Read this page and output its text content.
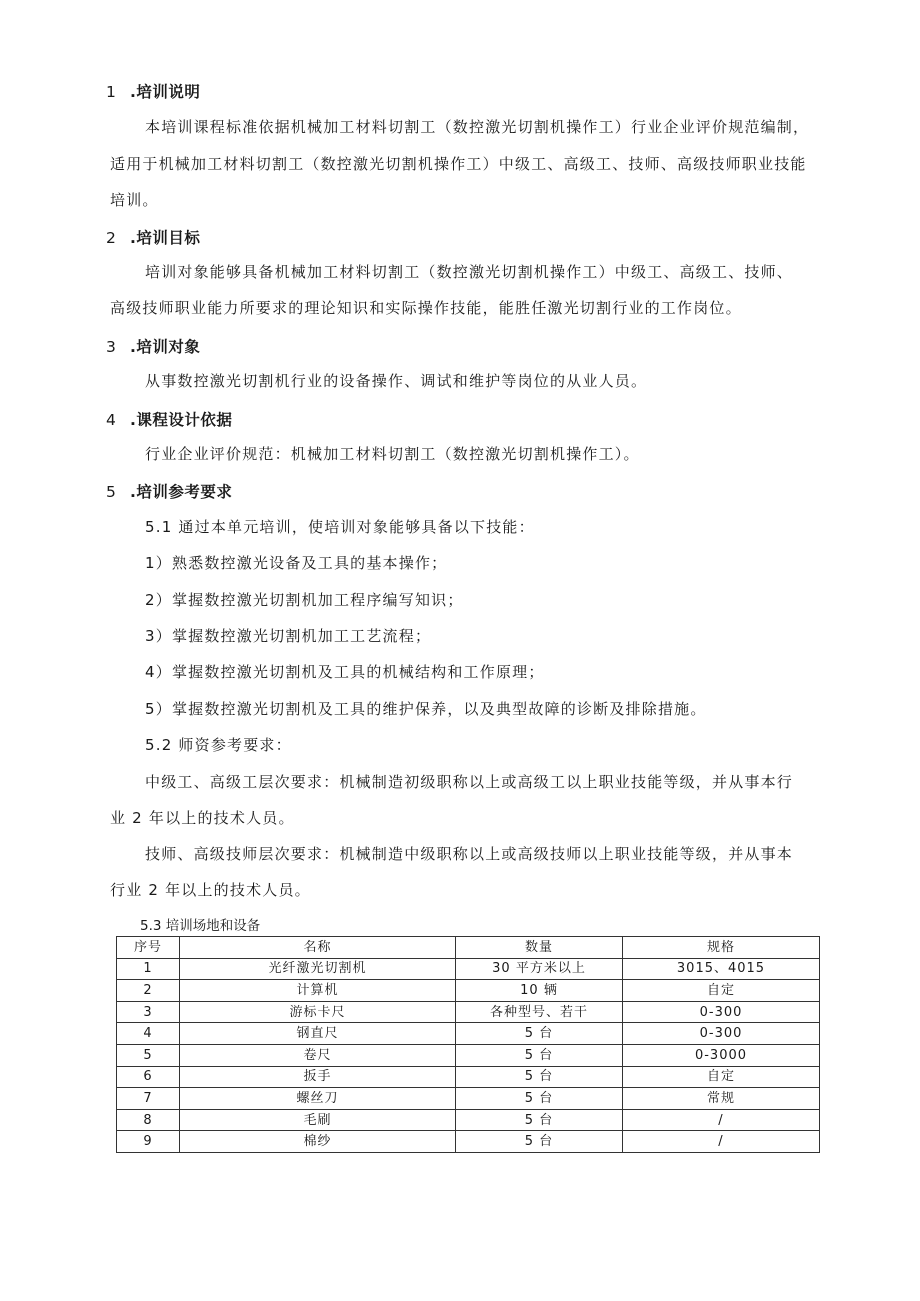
1 .培训说明
本培训课程标准依据机械加工材料切割工（数控激光切割机操作工）行业企业评价规范编制，
适用于机械加工材料切割工（数控激光切割机操作工）中级工、高级工、技师、高级技师职业技能
培训。
2 .培训目标
培训对象能够具备机械加工材料切割工（数控激光切割机操作工）中级工、高级工、技师、
高级技师职业能力所要求的理论知识和实际操作技能，能胜任激光切割行业的工作岗位。
3 .培训对象
从事数控激光切割机行业的设备操作、调试和维护等岗位的从业人员。
4 .课程设计依据
行业企业评价规范：机械加工材料切割工（数控激光切割机操作工）。
5 .培训参考要求
5.1 通过本单元培训，使培训对象能够具备以下技能：
1）熟悉数控激光设备及工具的基本操作；
2）掌握数控激光切割机加工程序编写知识；
3）掌握数控激光切割机加工工艺流程；
4）掌握数控激光切割机及工具的机械结构和工作原理；
5）掌握数控激光切割机及工具的维护保养，以及典型故障的诊断及排除措施。
5.2 师资参考要求：
中级工、高级工层次要求：机械制造初级职称以上或高级工以上职业技能等级，并从事本行
业 2 年以上的技术人员。
技师、高级技师层次要求：机械制造中级职称以上或高级技师以上职业技能等级，并从事本
行业 2 年以上的技术人员。
5.3 培训场地和设备
序号	名称	数量	规格
1	光纤激光切割机	30 平方米以上	3015、4015
2	计算机	10 辆	自定
3	游标卡尺	各种型号、若干	0-300
4	钢直尺	5 台	0-300
5	卷尺	5 台	0-3000
6	扳手	5 台	自定
7	螺丝刀	5 台	常规
8	毛刷	5 台	/
9	棉纱	5 台	/
